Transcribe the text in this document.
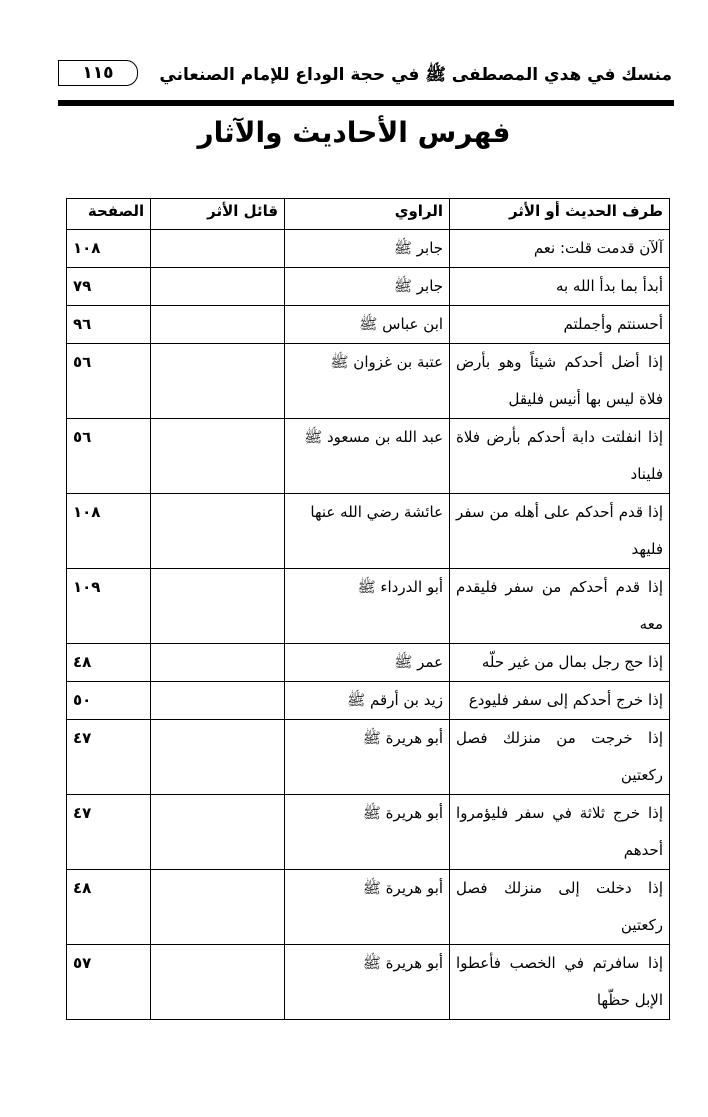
منسك في هدي المصطفى ﷺ في حجة الوداع للإمام الصنعاني
١١٥
فهرس الأحاديث والآثار
طرف الحديث أو الأثر	الراوي	قائل الأثر	الصفحة
آلآن قدمت قلت: نعم	جابر ﷺ		١٠٨
أبدأ بما بدأ الله به	جابر ﷺ		٧٩
أحسنتم وأجملتم	ابن عباس ﷺ		٩٦
إذا أضل أحدكم شيئاً وهو بأرض فلاة ليس بها أنيس فليقل	عتبة بن غزوان ﷺ		٥٦
إذا انفلتت دابة أحدكم بأرض فلاة فليناد	عبد الله بن مسعود ﷺ		٥٦
إذا قدم أحدكم على أهله من سفر فليهد	عائشة رضي الله عنها		١٠٨
إذا قدم أحدكم من سفر فليقدم معه	أبو الدرداء ﷺ		١٠٩
إذا حج رجل بمال من غير حلّه	عمر ﷺ		٤٨
إذا خرج أحدكم إلى سفر فليودع	زيد بن أرقم ﷺ		٥٠
إذا خرجت من منزلك فصل ركعتين	أبو هريرة ﷺ		٤٧
إذا خرج ثلاثة في سفر فليؤمروا أحدهم	أبو هريرة ﷺ		٤٧
إذا دخلت إلى منزلك فصل ركعتين	أبو هريرة ﷺ		٤٨
إذا سافرتم في الخصب فأعطوا الإبل حظّها	أبو هريرة ﷺ		٥٧
